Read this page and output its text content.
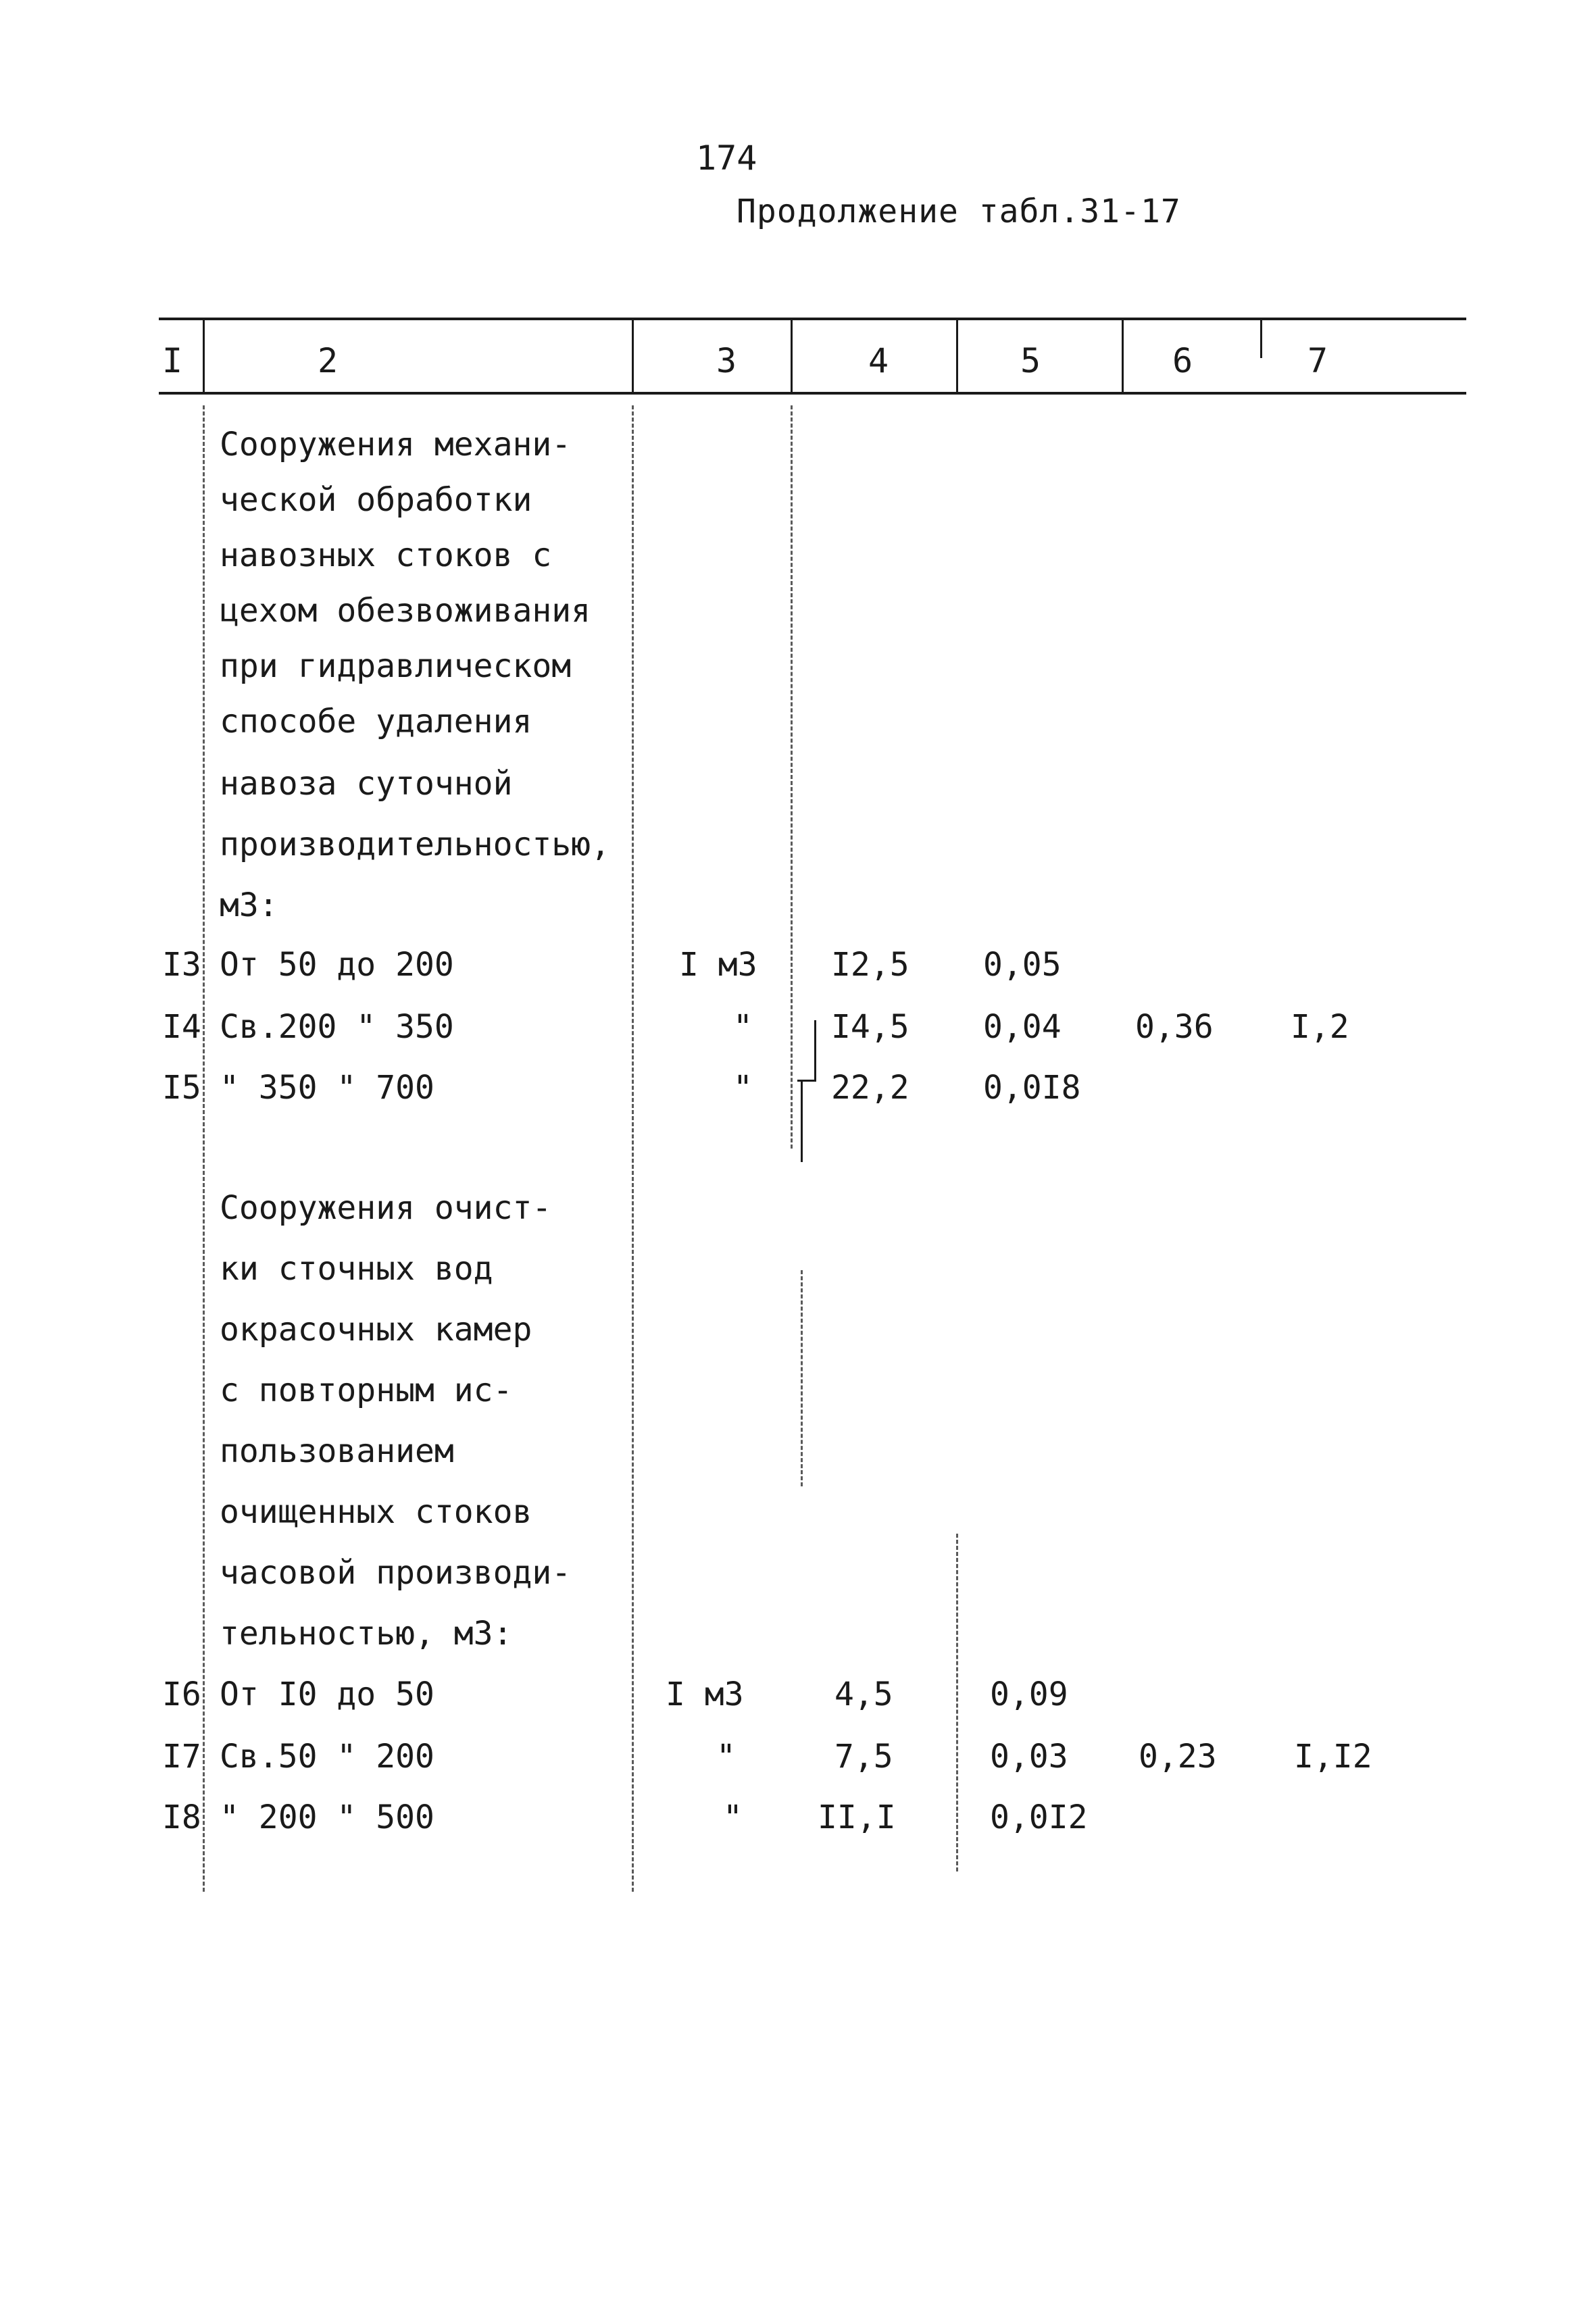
174
Продолжение табл.31-17
I	2	3	4	5	6	7
Сооружения механи-
ческой обработки
навозных стоков с
цехом обезвоживания
при гидравлическом
способе удаления
навоза суточной
производительностью,
м3:
I3 От 50 до 200	I м3 I2,5 0,05
I4 Св.200 " 350	" I4,5 0,04 0,36 I,2
I5 " 350 " 700	" 22,2 0,0I8
Сооружения очист-
ки сточных вод
окрасочных камер
с повторным ис-
пользованием
очищенных стоков
часовой производи-
тельностью, м3:
I6 От I0 до 50	I м3	4,5	0,09
I7 Св.50 " 200	"	7,5	0,03 0,23 I,I2
I8 " 200 " 500	" II,I	0,0I2
